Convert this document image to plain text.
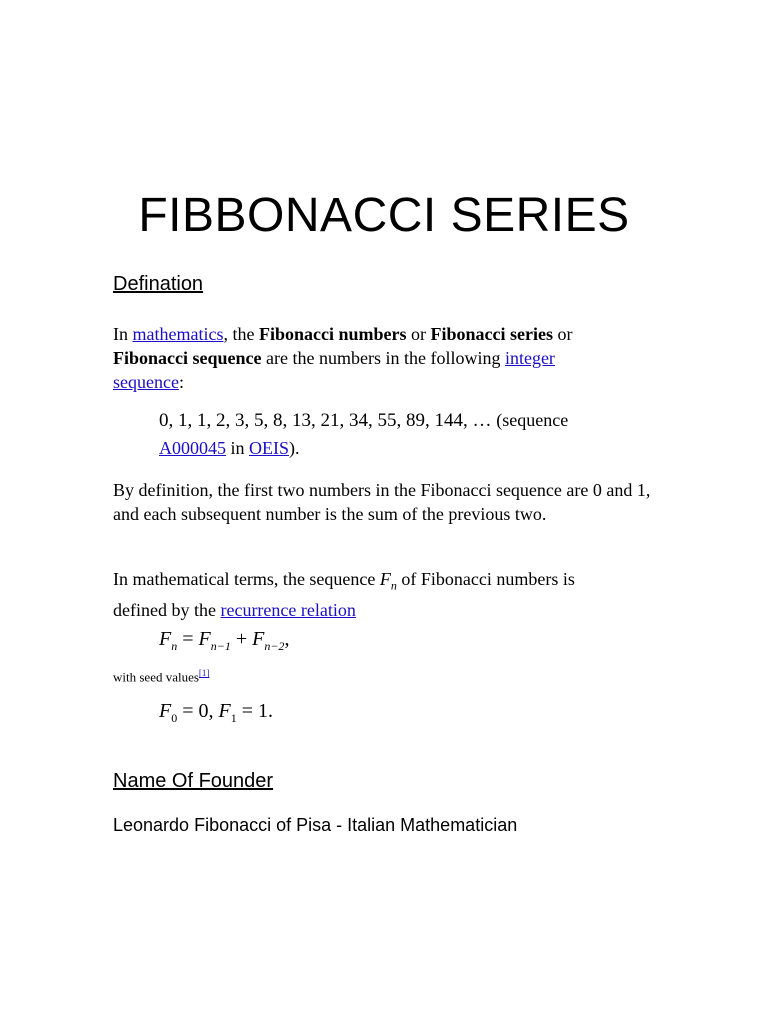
FIBBONACCI SERIES
Defination

In mathematics, the Fibonacci numbers or Fibonacci series or
Fibonacci sequence are the numbers in the following integer
sequence:

0, 1, 1, 2, 3, 5, 8, 13, 21, 34, 55, 89, 144, … (sequence
A000045 in OEIS).

By definition, the first two numbers in the Fibonacci sequence are 0 and 1, and each subsequent number is the sum of the previous two.

In mathematical terms, the sequence $F_n$ of Fibonacci numbers is
defined by the recurrence relation

$F_n = F_{n-1} + F_{n-2}$,
with seed values[1]
$F_0 = 0$, $F_1 = 1$.
Name Of Founder
Leonardo Fibonacci of Pisa - Italian Mathematician
